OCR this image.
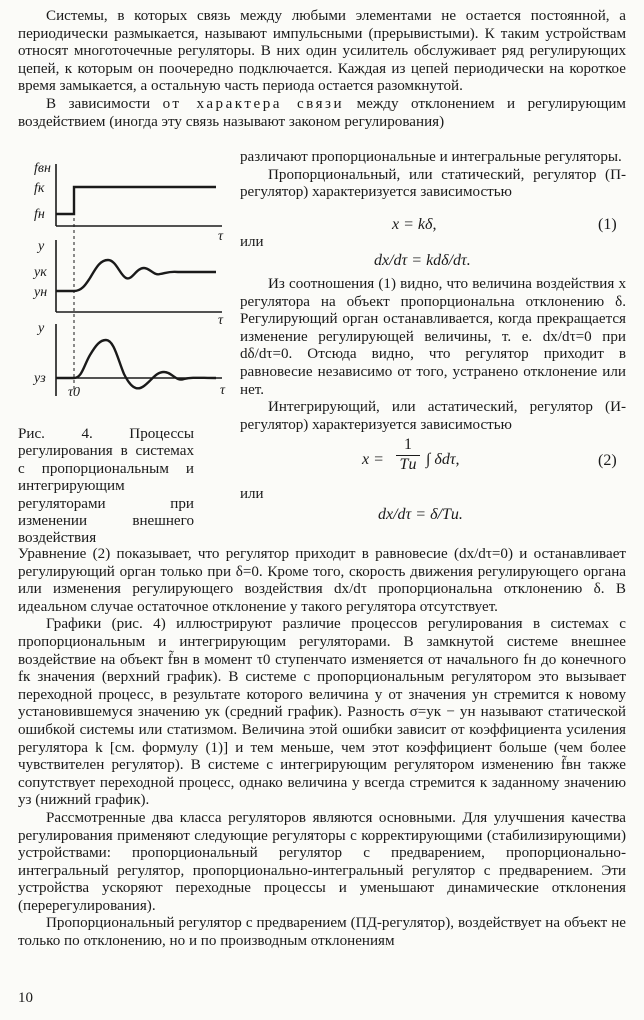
Системы, в которых связь между любыми элементами не остается постоянной, а периодически размыкается, называют импульсными (прерывистыми). К таким устройствам относят многоточечные регуляторы. В них один усилитель обслуживает ряд регулирующих цепей, к которым он поочередно подключается. Каждая из цепей периодически на короткое время замыкается, а остальную часть периода остается разомкнутой.

В зависимости от характера связи между отклонением и регулирующим воздействием (иногда эту связь называют законом регулирования)

fвн
fк
fн
τ
y
yк
yн
τ
y
yз
τ0	τ
Рис. 4. Процессы регулирования в системах с пропорциональным и интегрирующим регуляторами при изменении внешнего воздействия

различают пропорциональные и интегральные регуляторы.

Пропорциональный, или статический, регулятор (П-регулятор) характеризуется зависимостью

x = kδ,	(1)
или
dx/dτ = kdδ/dτ.

Из соотношения (1) видно, что величина воздействия x регулятора на объект пропорциональна отклонению δ. Регулирующий орган останавливается, когда прекращается изменение регулирующей величины, т. е. dx/dτ=0 при dδ/dτ=0. Отсюда видно, что регулятор приходит в равновесие независимо от того, устранено отклонение или нет.

Интегрирующий, или астатический, регулятор (И-регулятор) характеризуется зависимостью

x =
1
Tи ∫ δdτ,	(2)
или
dx/dτ = δ/Tи.

Уравнение (2) показывает, что регулятор приходит в равновесие (dx/dτ=0) и останавливает регулирующий орган только при δ=0. Кроме того, скорость движения регулирующего органа или изменения регулирующего воздействия dx/dτ пропорциональна отклонению δ. В идеальном случае остаточное отклонение у такого регулятора отсутствует.

Графики (рис. 4) иллюстрируют различие процессов регулирования в системах с пропорциональным и интегрирующим регуляторами. В замкнутой системе внешнее воздействие на объект f̃вн в момент τ0 ступенчато изменяется от начального fн до конечного fк значения (верхний график). В системе с пропорциональным регулятором это вызывает переходной процесс, в результате которого величина y от значения yн стремится к новому установившемуся значению yк (средний график). Разность σ=yк − yн называют статической ошибкой системы или статизмом. Величина этой ошибки зависит от коэффициента усиления регулятора k [см. формулу (1)] и тем меньше, чем этот коэффициент больше (чем более чувствителен регулятор). В системе с интегрирующим регулятором изменению f̃вн также сопутствует переходной процесс, однако величина y всегда стремится к заданному значению yз (нижний график).

Рассмотренные два класса регуляторов являются основными. Для улучшения качества регулирования применяют следующие регуляторы с корректирующими (стабилизирующими) устройствами: пропорциональный регулятор с предварением, пропорционально-интегральный регулятор, пропорционально-интегральный регулятор с предварением. Эти устройства ускоряют переходные процессы и уменьшают динамические отклонения (перерегулирования).

Пропорциональный регулятор с предварением (ПД-регулятор), воздействует на объект не только по отклонению, но и по производным отклонениям

10
